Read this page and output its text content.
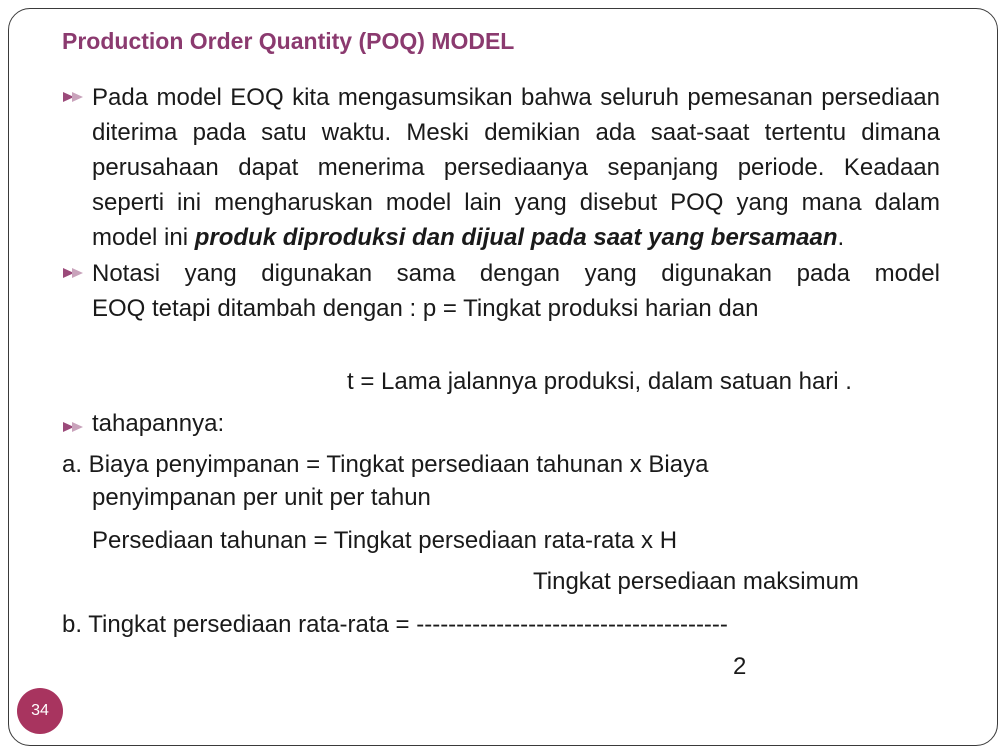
Production Order Quantity (POQ) MODEL
Pada model EOQ kita mengasumsikan bahwa seluruh pemesanan persediaan diterima pada satu waktu. Meski demikian ada saat-saat tertentu dimana perusahaan dapat menerima persediaanya sepanjang periode. Keadaan seperti ini mengharuskan model lain yang disebut POQ yang mana dalam model ini produk diproduksi dan dijual pada saat yang bersamaan.
Notasi yang digunakan sama dengan yang digunakan pada model
EOQ tetapi ditambah dengan : p = Tingkat produksi harian dan
t = Lama jalannya produksi, dalam satuan hari .
tahapannya:
a. Biaya penyimpanan = Tingkat persediaan tahunan x Biaya
penyimpanan per unit per tahun
Persediaan tahunan = Tingkat persediaan rata-rata x H
Tingkat persediaan maksimum
b. Tingkat persediaan rata-rata = ---------------------------------------
2
34
